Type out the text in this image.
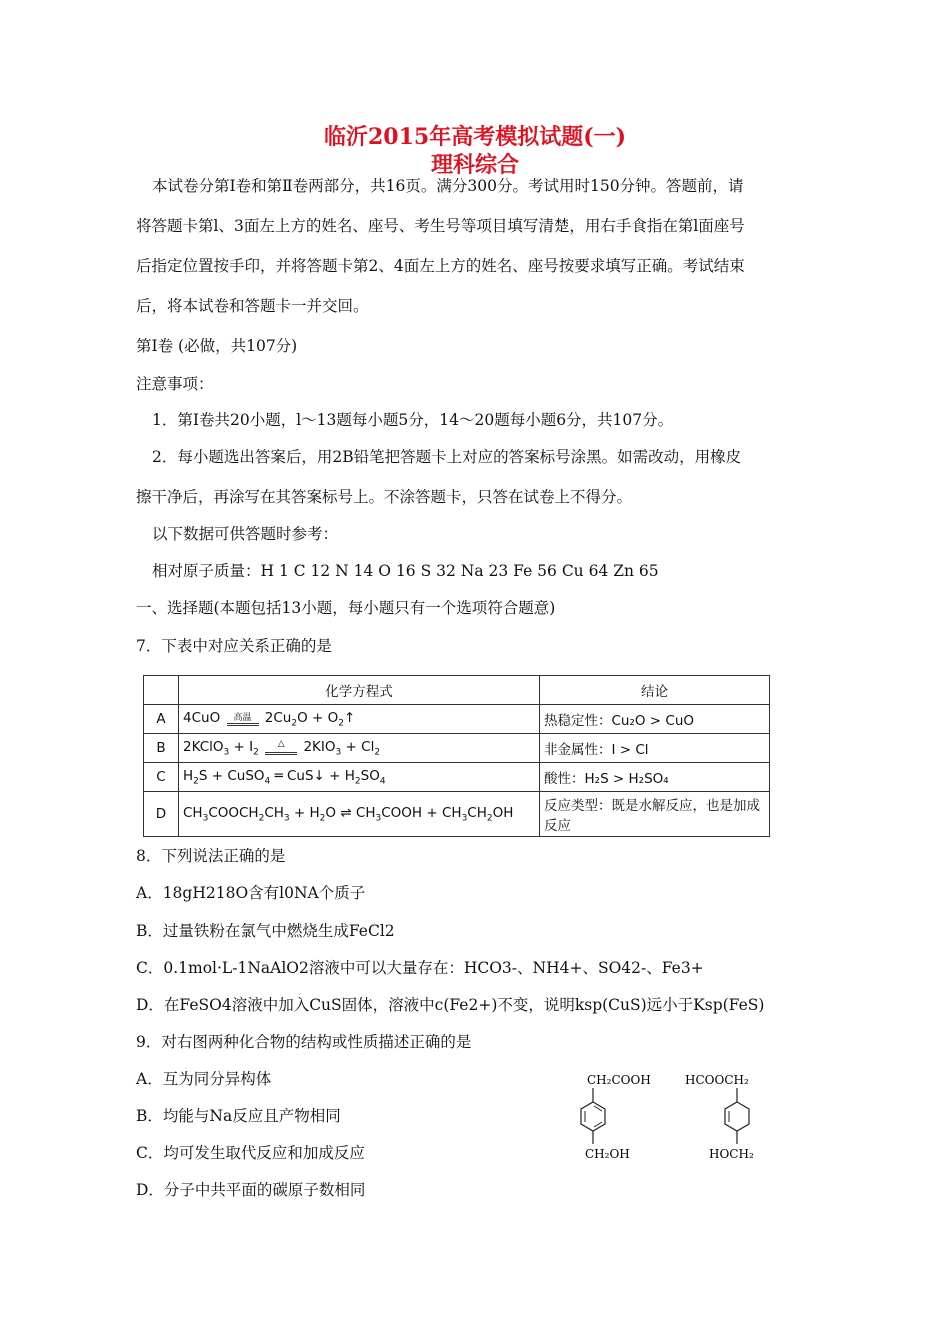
临沂2015年高考模拟试题(一)
理科综合
本试卷分第I卷和第Ⅱ卷两部分，共16页。满分300分。考试用时150分钟。答题前，请
将答题卡第l、3面左上方的姓名、座号、考生号等项目填写清楚，用右手食指在第l面座号
后指定位置按手印，并将答题卡第2、4面左上方的姓名、座号按要求填写正确。考试结束
后，将本试卷和答题卡一并交回。
第I卷 (必做，共107分)
注意事项：
1．第I卷共20小题，l～13题每小题5分，14～20题每小题6分，共107分。
2．每小题选出答案后，用2B铅笔把答题卡上对应的答案标号涂黑。如需改动，用橡皮
擦干净后，再涂写在其答案标号上。不涂答题卡，只答在试卷上不得分。
以下数据可供答题时参考：
相对原子质量：H 1 C 12 N 14 O 16 S 32 Na 23 Fe 56 Cu 64 Zn 65
一、选择题(本题包括13小题，每小题只有一个选项符合题意)
7．下表中对应关系正确的是
	化学方程式	结论
A	4CuO 高温 $2Cu_2O$ + $O_2↑$	热稳定性：Cu₂O > CuO
B	2KClO$_3$ + $I_2$ △ $2KIO_3 + Cl_2$	非金属性：I > Cl
C	$H_2S$ + CuSO$_4$ ═ CuS↓ + $H_2SO_4$	酸性：H₂S > H₂SO₄
D	$CH_3COOCH_2CH_3 + H_2O$ ⇌ $CH_3COOH + CH_3CH_2OH$	反应类型：既是水解反应，也是加成反应
8．下列说法正确的是
A．18gH218O含有l0NA个质子
B．过量铁粉在氯气中燃烧生成FeCl2
C．0.1mol·L-1NaAlO2溶液中可以大量存在：HCO3-、NH4+、SO42-、Fe3+
D．在FeSO4溶液中加入CuS固体，溶液中c(Fe2+)不变，说明ksp(CuS)远小于Ksp(FeS)
9．对右图两种化合物的结构或性质描述正确的是
A．互为同分异构体
B．均能与Na反应且产物相同
C．均可发生取代反应和加成反应
D．分子中共平面的碳原子数相同
CH₂COOH
CH₂OH
HCOOCH₂
HOCH₂
